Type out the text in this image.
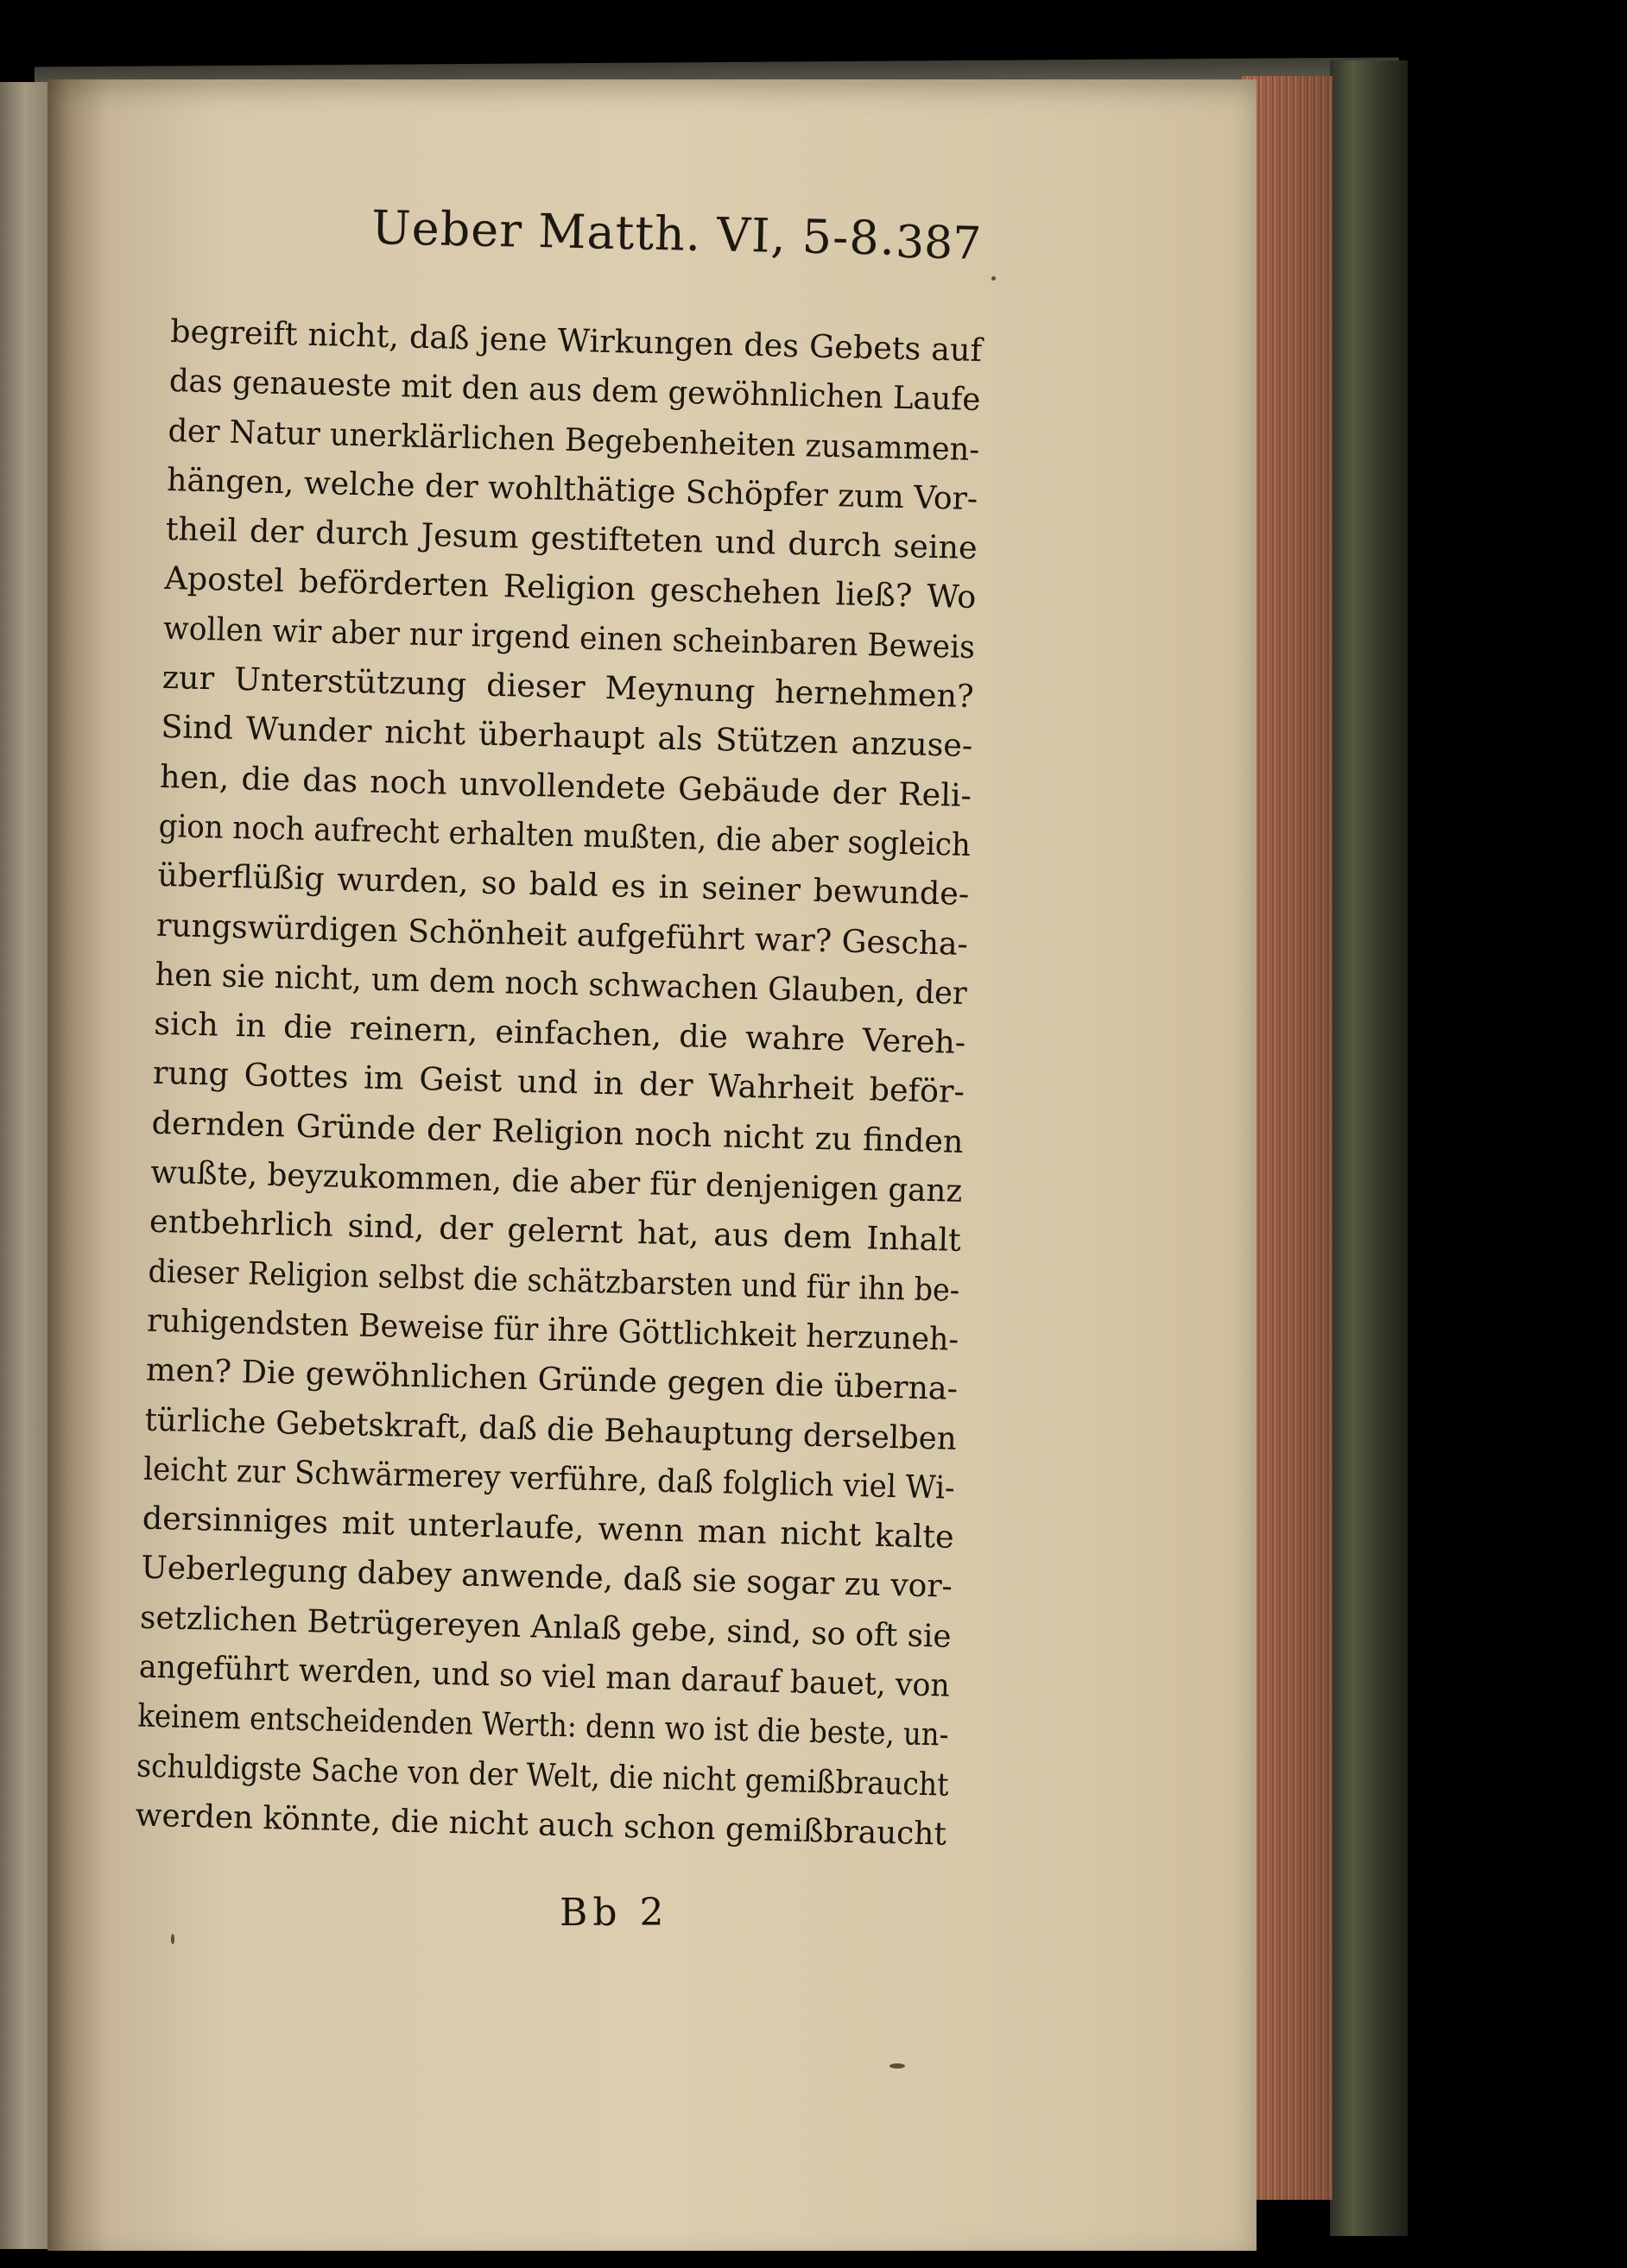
Ueber Matth. VI, 5-8.
387
begreift nicht, daß jene Wirkungen des Gebets auf
das genaueste mit den aus dem gewöhnlichen Laufe
der Natur unerklärlichen Begebenheiten zusammen-
hängen, welche der wohlthätige Schöpfer zum Vor-
theil der durch Jesum gestifteten und durch seine
Apostel beförderten Religion geschehen ließ? Wo
wollen wir aber nur irgend einen scheinbaren Beweis
zur Unterstützung dieser Meynung hernehmen?
Sind Wunder nicht überhaupt als Stützen anzuse-
hen, die das noch unvollendete Gebäude der Reli-
gion noch aufrecht erhalten mußten, die aber sogleich
überflüßig wurden, so bald es in seiner bewunde-
rungswürdigen Schönheit aufgeführt war? Gescha-
hen sie nicht, um dem noch schwachen Glauben, der
sich in die reinern, einfachen, die wahre Vereh-
rung Gottes im Geist und in der Wahrheit beför-
dernden Gründe der Religion noch nicht zu finden
wußte, beyzukommen, die aber für denjenigen ganz
entbehrlich sind, der gelernt hat, aus dem Inhalt
dieser Religion selbst die schätzbarsten und für ihn be-
ruhigendsten Beweise für ihre Göttlichkeit herzuneh-
men? Die gewöhnlichen Gründe gegen die überna-
türliche Gebetskraft, daß die Behauptung derselben
leicht zur Schwärmerey verführe, daß folglich viel Wi-
dersinniges mit unterlaufe, wenn man nicht kalte
Ueberlegung dabey anwende, daß sie sogar zu vor-
setzlichen Betrügereyen Anlaß gebe, sind, so oft sie
angeführt werden, und so viel man darauf bauet, von
keinem entscheidenden Werth: denn wo ist die beste, un-
schuldigste Sache von der Welt, die nicht gemißbraucht
werden könnte, die nicht auch schon gemißbraucht
Bb 2
